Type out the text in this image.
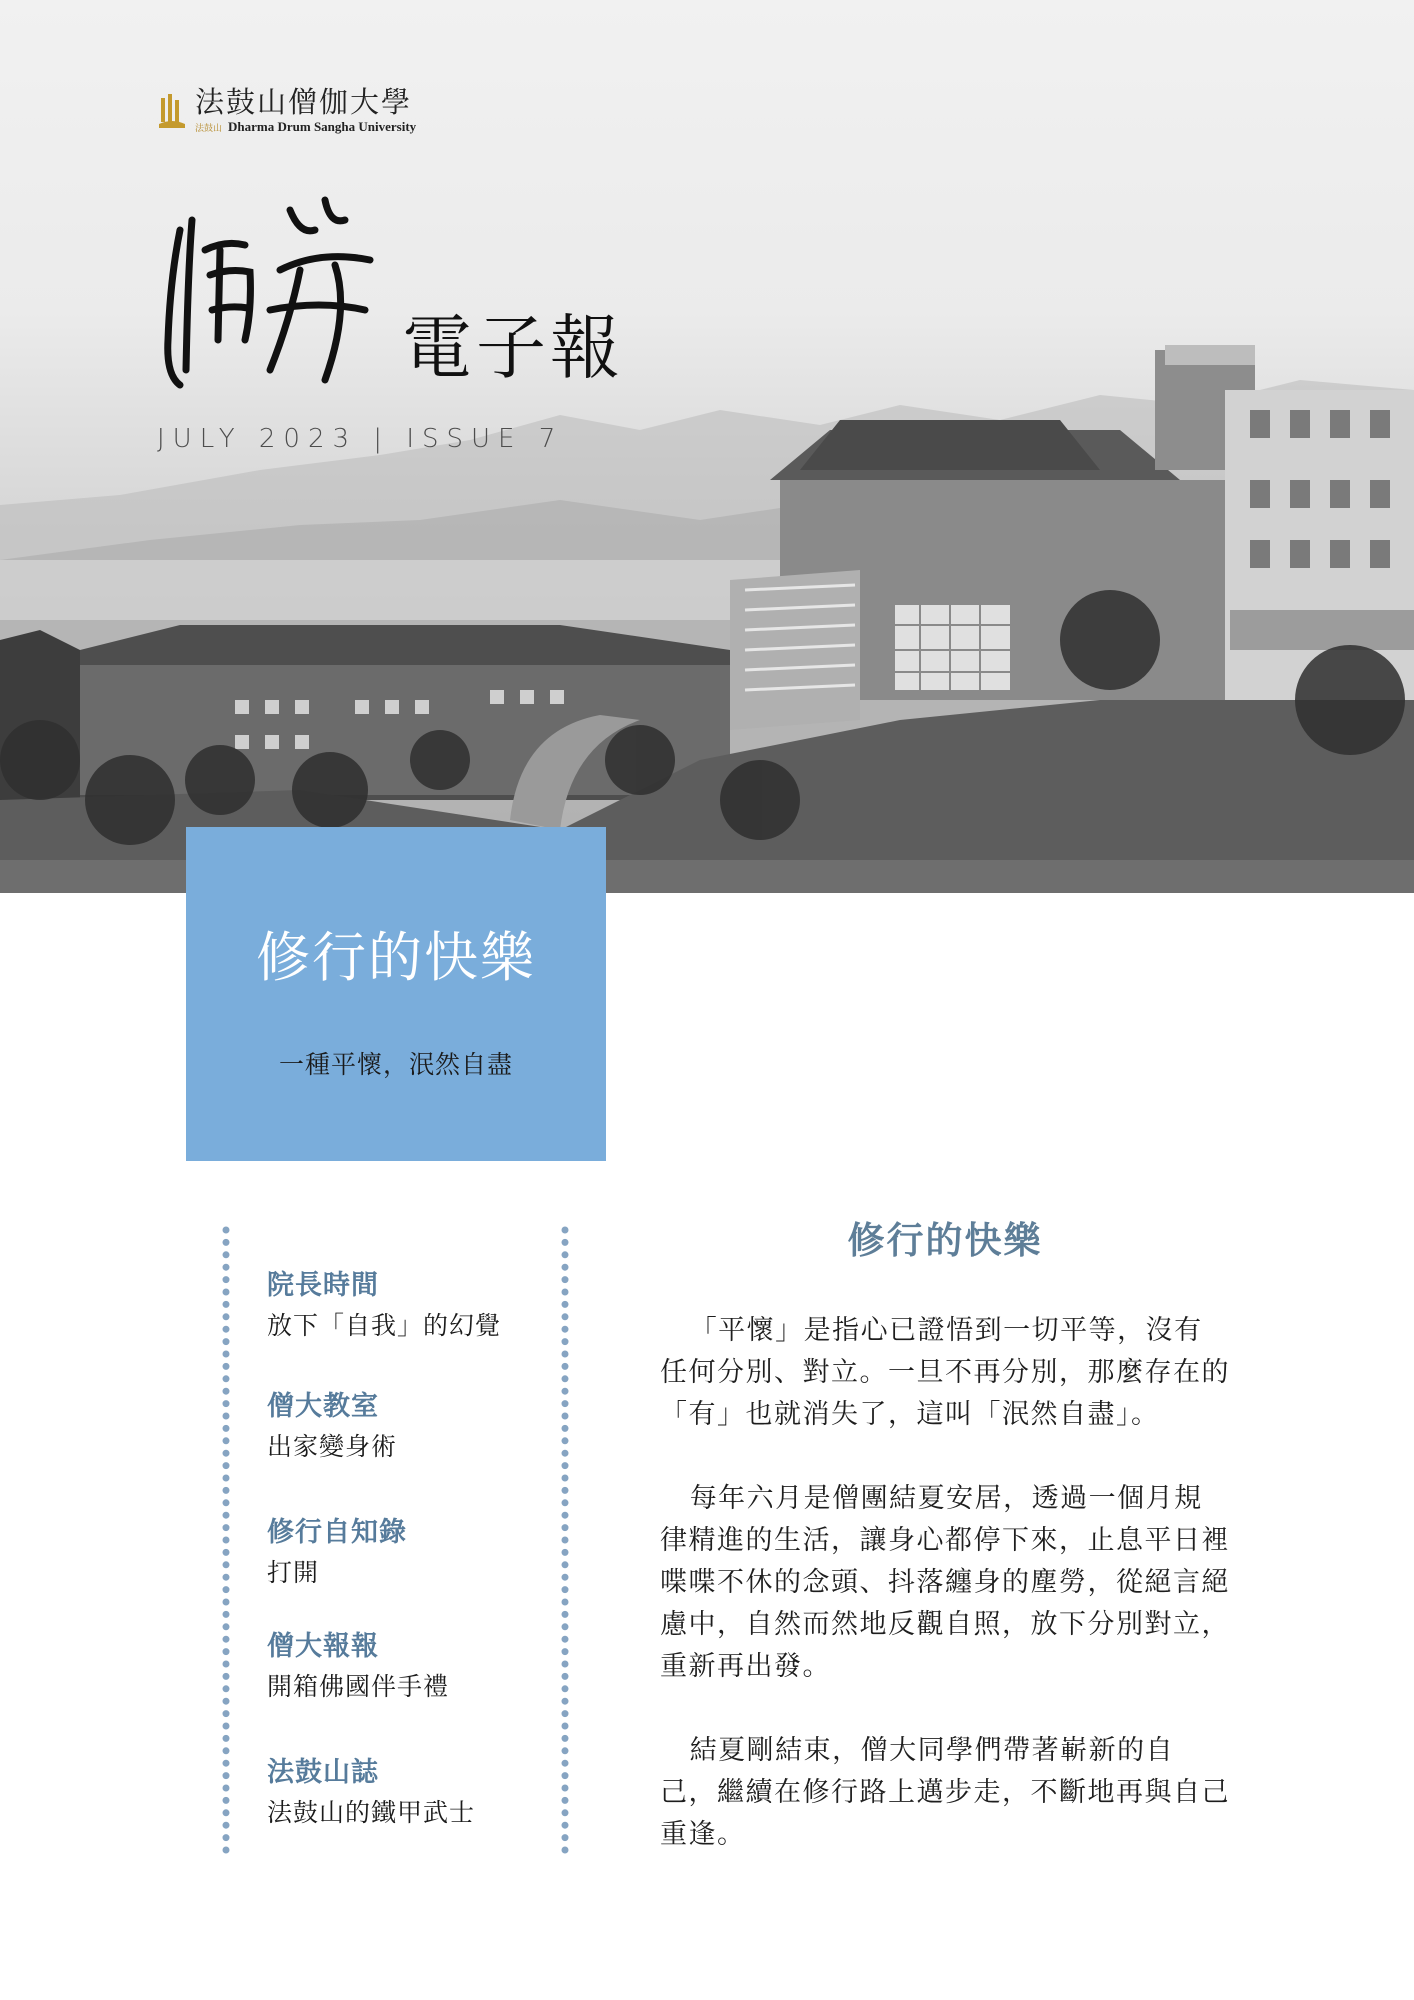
法鼓山僧伽大學
法鼓山 Dharma Drum Sangha University
電子報
JULY 2023 | ISSUE 7
修行的快樂
一種平懷，泯然自盡
院長時間
放下「自我」的幻覺
僧大教室
出家變身術
修行自知錄
打開
僧大報報
開箱佛國伴手禮
法鼓山誌
法鼓山的鐵甲武士
修行的快樂

「平懷」是指心已證悟到一切平等，沒有任何分別、對立。一旦不再分別，那麼存在的「有」也就消失了，這叫「泯然自盡」。

每年六月是僧團結夏安居，透過一個月規律精進的生活，讓身心都停下來，止息平日裡喋喋不休的念頭、抖落纏身的塵勞，從絕言絕慮中，自然而然地反觀自照，放下分別對立，重新再出發。

結夏剛結束，僧大同學們帶著嶄新的自己，繼續在修行路上邁步走，不斷地再與自己重逢。
